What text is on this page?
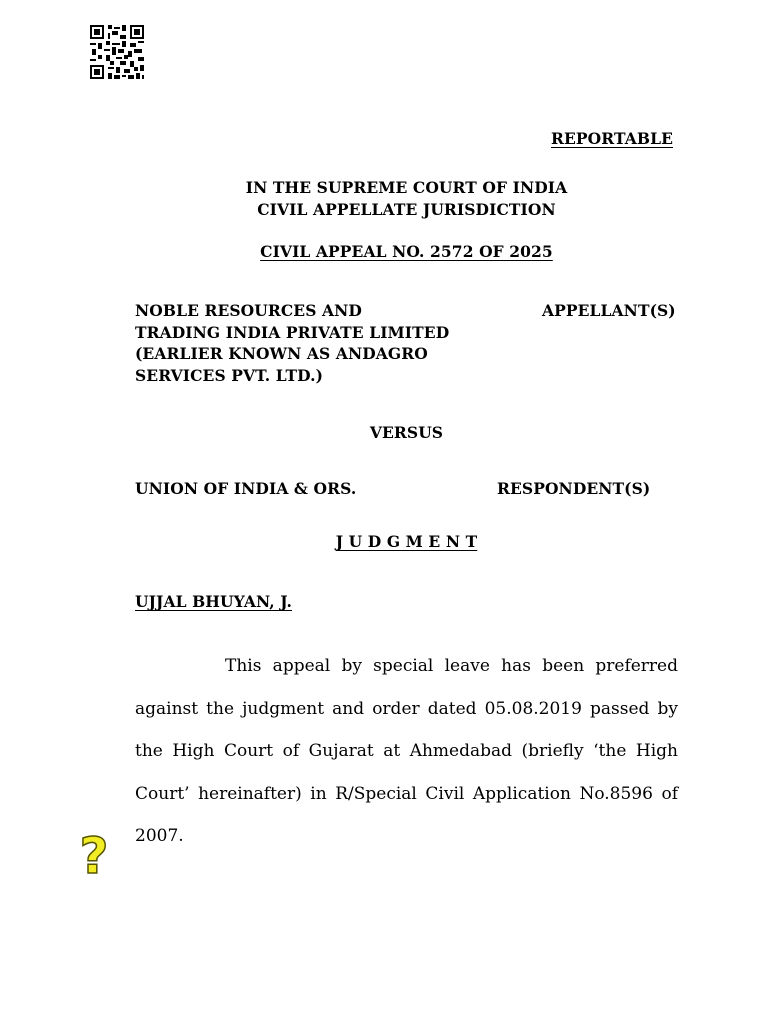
REPORTABLE
IN THE SUPREME COURT OF INDIA
CIVIL APPELLATE JURISDICTION
CIVIL APPEAL NO. 2572 OF 2025
NOBLE RESOURCES AND
TRADING INDIA PRIVATE LIMITED
(EARLIER KNOWN AS ANDAGRO
SERVICES PVT. LTD.)
APPELLANT(S)
VERSUS
UNION OF INDIA & ORS.	RESPONDENT(S)
J U D G M E N T
UJJAL BHUYAN, J.
This appeal by special leave has been preferred against the judgment and order dated 05.08.2019 passed by the High Court of Gujarat at Ahmedabad (briefly ‘the High Court’ hereinafter) in R/Special Civil Application No.8596 of 2007.
?
